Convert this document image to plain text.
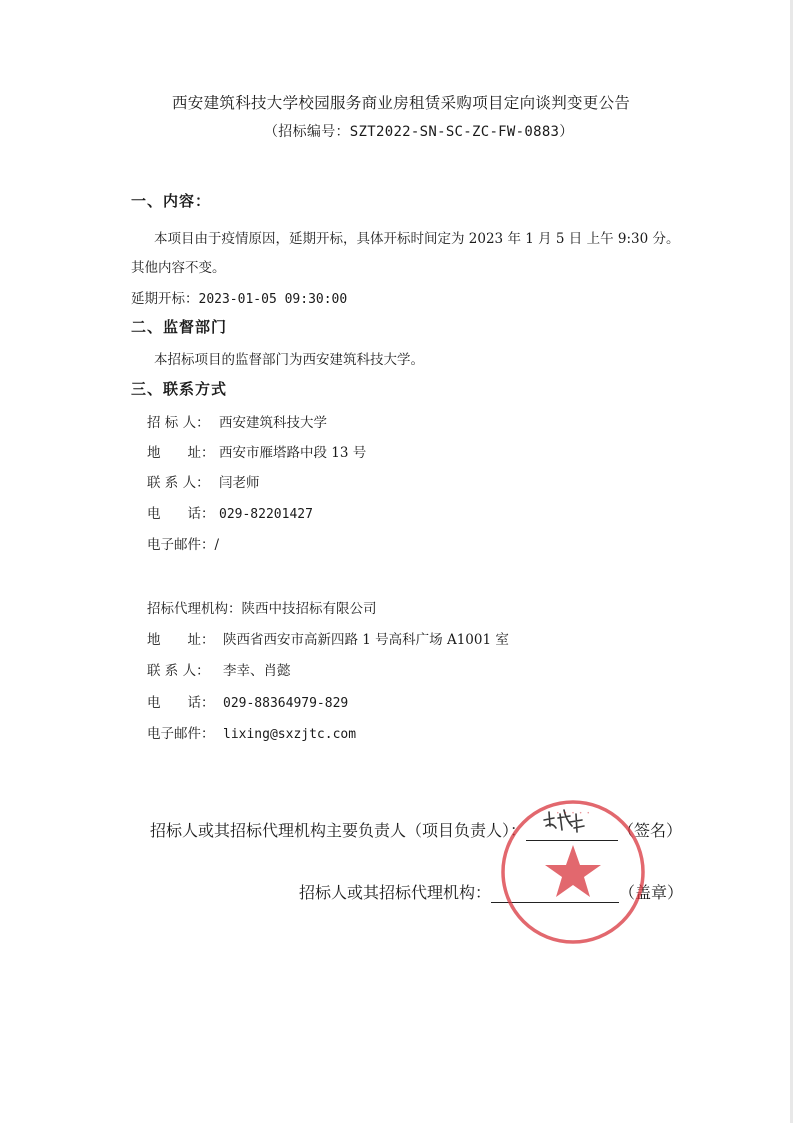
西安建筑科技大学校园服务商业房租赁采购项目定向谈判变更公告
（招标编号：SZT2022-SN-SC-ZC-FW-0883）
一、内容：
本项目由于疫情原因，延期开标，具体开标时间定为 2023 年 1 月 5 日 上午 9:30 分。
其他内容不变。
延期开标：2023-01-05 09:30:00
二、监督部门
本招标项目的监督部门为西安建筑科技大学。
三、联系方式
招 标 人： 西安建筑科技大学
地　　址： 西安市雁塔路中段 13 号
联 系 人： 闫老师
电　　话： 029-82201427
电子邮件：/
招标代理机构：陕西中技招标有限公司
地　　址： 陕西省西安市高新四路 1 号高科广场 A1001 室
联 系 人： 李幸、肖懿
电　　话： 029-88364979-829
电子邮件： lixing@sxzjtc.com
招标人或其招标代理机构主要负责人（项目负责人）：	（签名）
招标人或其招标代理机构：	（盖章）
· · · · ·
